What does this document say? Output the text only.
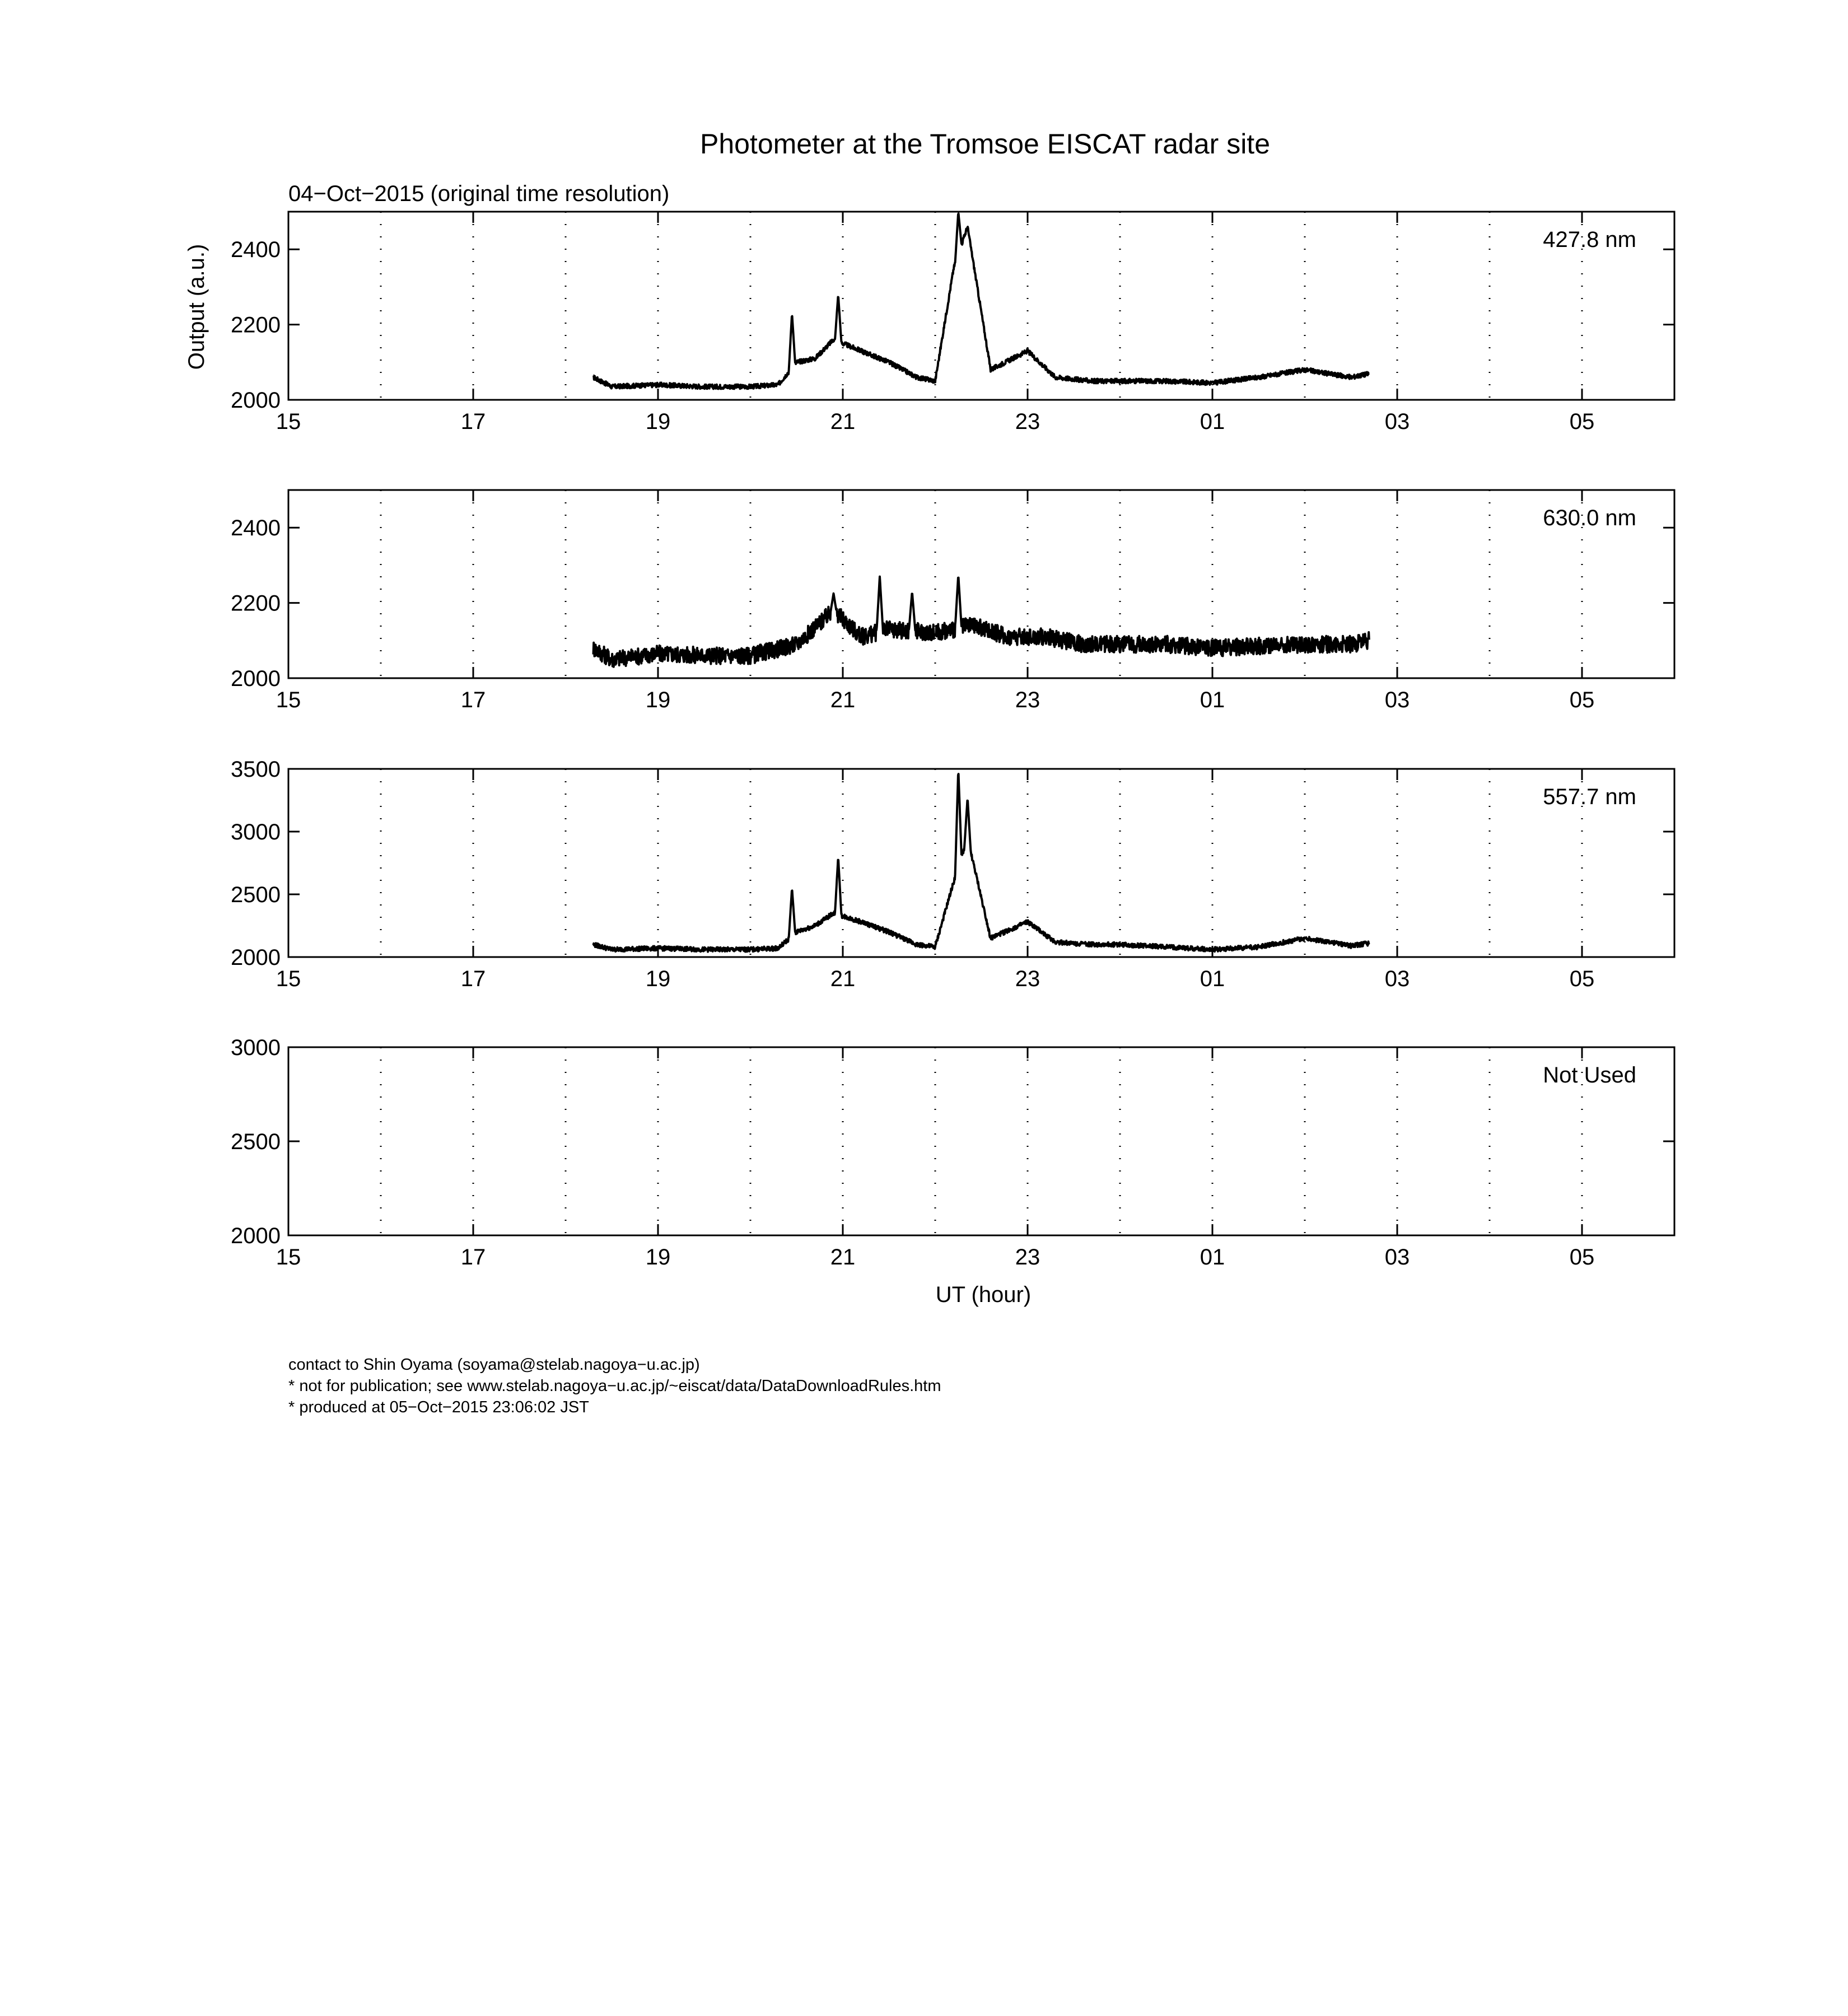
Photometer at the Tromsoe EISCAT radar site
04−Oct−2015 (original time resolution)
Output (a.u.)
UT (hour)
15	17	19	21	23	01	03	05
2000
2200
2400	427.8 nm
15	17	19	21	23	01	03	05
2000
2200
2400	630.0 nm
15	17	19	21	23	01	03	05
2000
2500
3000
3500
557.7 nm
15	17	19	21	23	01	03	05
2000
2500
3000
Not Used
contact to Shin Oyama (soyama@stelab.nagoya−u.ac.jp)
* not for publication; see www.stelab.nagoya−u.ac.jp/~eiscat/data/DataDownloadRules.htm
* produced at 05−Oct−2015 23:06:02 JST
